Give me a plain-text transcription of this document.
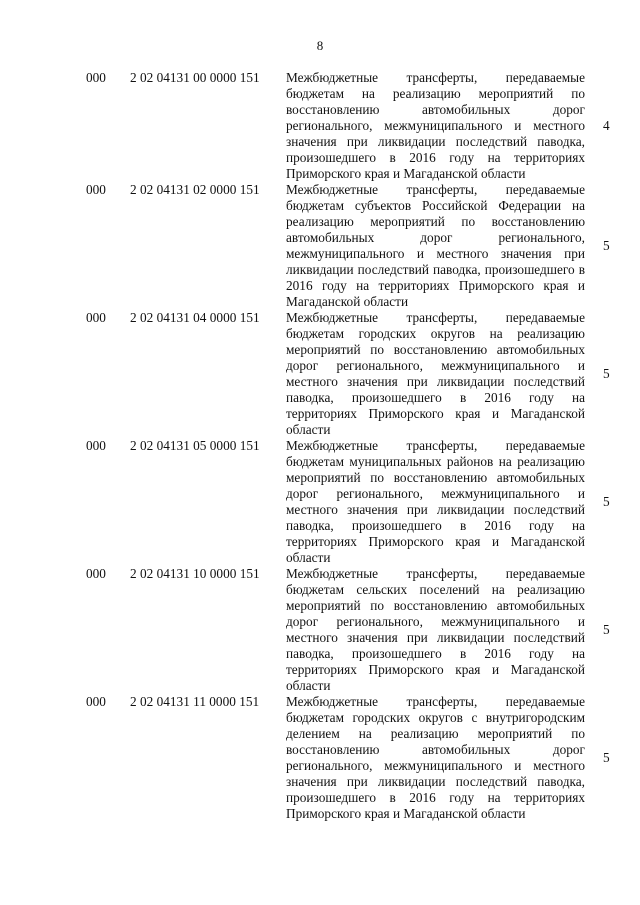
8
000 2 02 04131 00 0000 151 Межбюджетные трансферты, передаваемые бюджетам на реализацию мероприятий по восстановлению автомобильных дорог регионального, межмуниципального и местного значения при ликвидации последствий паводка, произошедшего в 2016 году на территориях Приморского края и Магаданской области
4
000 2 02 04131 02 0000 151 Межбюджетные трансферты, передаваемые бюджетам субъектов Российской Федерации на реализацию мероприятий по восстановлению автомобильных дорог регионального, межмуниципального и местного значения при ликвидации последствий паводка, произошедшего в 2016 году на территориях Приморского края и Магаданской области
5
000 2 02 04131 04 0000 151 Межбюджетные трансферты, передаваемые бюджетам городских округов на реализацию мероприятий по восстановлению автомобильных дорог регионального, межмуниципального и местного значения при ликвидации последствий паводка, произошедшего в 2016 году на территориях Приморского края и Магаданской области
5
000 2 02 04131 05 0000 151 Межбюджетные трансферты, передаваемые бюджетам муниципальных районов на реализацию мероприятий по восстановлению автомобильных дорог регионального, межмуниципального и местного значения при ликвидации последствий паводка, произошедшего в 2016 году на территориях Приморского края и Магаданской области
5
000 2 02 04131 10 0000 151 Межбюджетные трансферты, передаваемые бюджетам сельских поселений на реализацию мероприятий по восстановлению автомобильных дорог регионального, межмуниципального и местного значения при ликвидации последствий паводка, произошедшего в 2016 году на территориях Приморского края и Магаданской области
5
000 2 02 04131 11 0000 151 Межбюджетные трансферты, передаваемые бюджетам городских округов с внутригородским делением на реализацию мероприятий по восстановлению автомобильных дорог регионального, межмуниципального и местного значения при ликвидации последствий паводка, произошедшего в 2016 году на территориях Приморского края и Магаданской области
5
